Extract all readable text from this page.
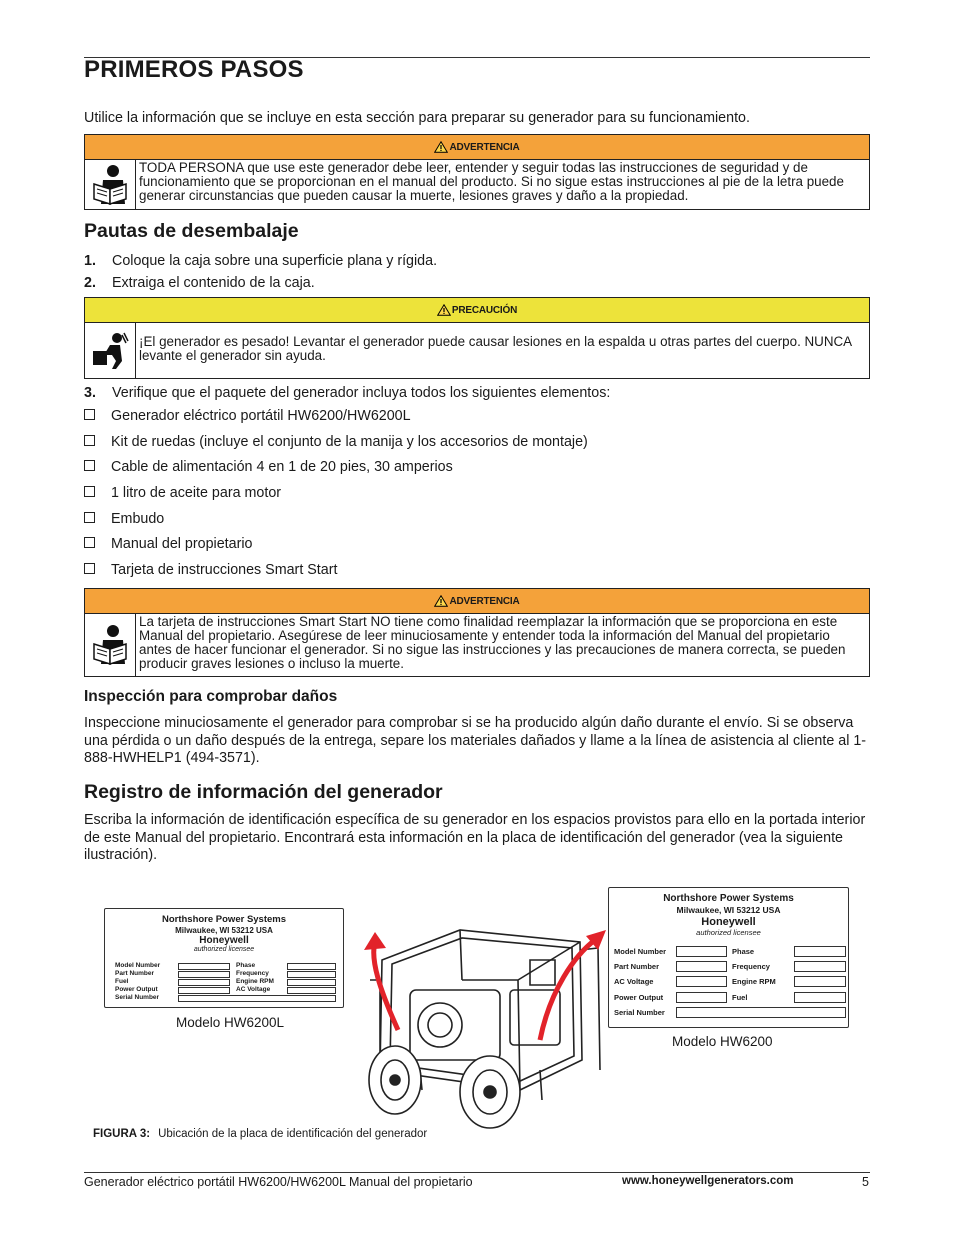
PRIMEROS PASOS
Utilice la información que se incluye en esta sección para preparar su generador para su funcionamiento.
ADVERTENCIA
TODA PERSONA que use este generador debe leer, entender y seguir todas las instrucciones de seguridad y de funcionamiento que se proporcionan en el manual del producto. Si no sigue estas instrucciones al pie de la letra puede generar circunstancias que pueden causar la muerte, lesiones graves y daño a la propiedad.
Pautas de desembalaje
1. Coloque la caja sobre una superficie plana y rígida.
2. Extraiga el contenido de la caja.
PRECAUCIÓN
¡El generador es pesado! Levantar el generador puede causar lesiones en la espalda u otras partes del cuerpo. NUNCA levante el generador sin ayuda.
3. Verifique que el paquete del generador incluya todos los siguientes elementos:
Generador eléctrico portátil HW6200/HW6200L
Kit de ruedas (incluye el conjunto de la manija y los accesorios de montaje)
Cable de alimentación 4 en 1 de 20 pies, 30 amperios
1 litro de aceite para motor
Embudo
Manual del propietario
Tarjeta de instrucciones Smart Start
ADVERTENCIA
La tarjeta de instrucciones Smart Start NO tiene como finalidad reemplazar la información que se proporciona en este Manual del propietario. Asegúrese de leer minuciosamente y entender toda la información del Manual del propietario antes de hacer funcionar el generador. Si no sigue las instrucciones y las precauciones de manera correcta, se pueden producir graves lesiones o incluso la muerte.
Inspección para comprobar daños
Inspeccione minuciosamente el generador para comprobar si se ha producido algún daño durante el envío. Si se observa una pérdida o un daño después de la entrega, separe los materiales dañados y llame a la línea de asistencia al cliente al 1-888-HWHELP1 (494-3571).
Registro de información del generador
Escriba la información de identificación específica de su generador en los espacios provistos para ello en la portada interior de este Manual del propietario. Encontrará esta información en la placa de identificación del generador (vea la siguiente ilustración).
Northshore Power Systems
Milwaukee, WI 53212 USA
Honeywell
authorized licensee
Model Number
Part Number
Fuel
Power Output
Serial Number
Phase
Frequency
Engine RPM
AC Voltage
Modelo HW6200L
Northshore Power Systems
Milwaukee, WI 53212 USA
Honeywell
authorized licensee
Model Number
Part Number
AC Voltage
Power Output
Serial Number
Phase
Frequency
Engine RPM
Fuel
Modelo HW6200
FIGURA 3: Ubicación de la placa de identificación del generador
Generador eléctrico portátil HW6200/HW6200L Manual del propietario	www.honeywellgenerators.com	5
